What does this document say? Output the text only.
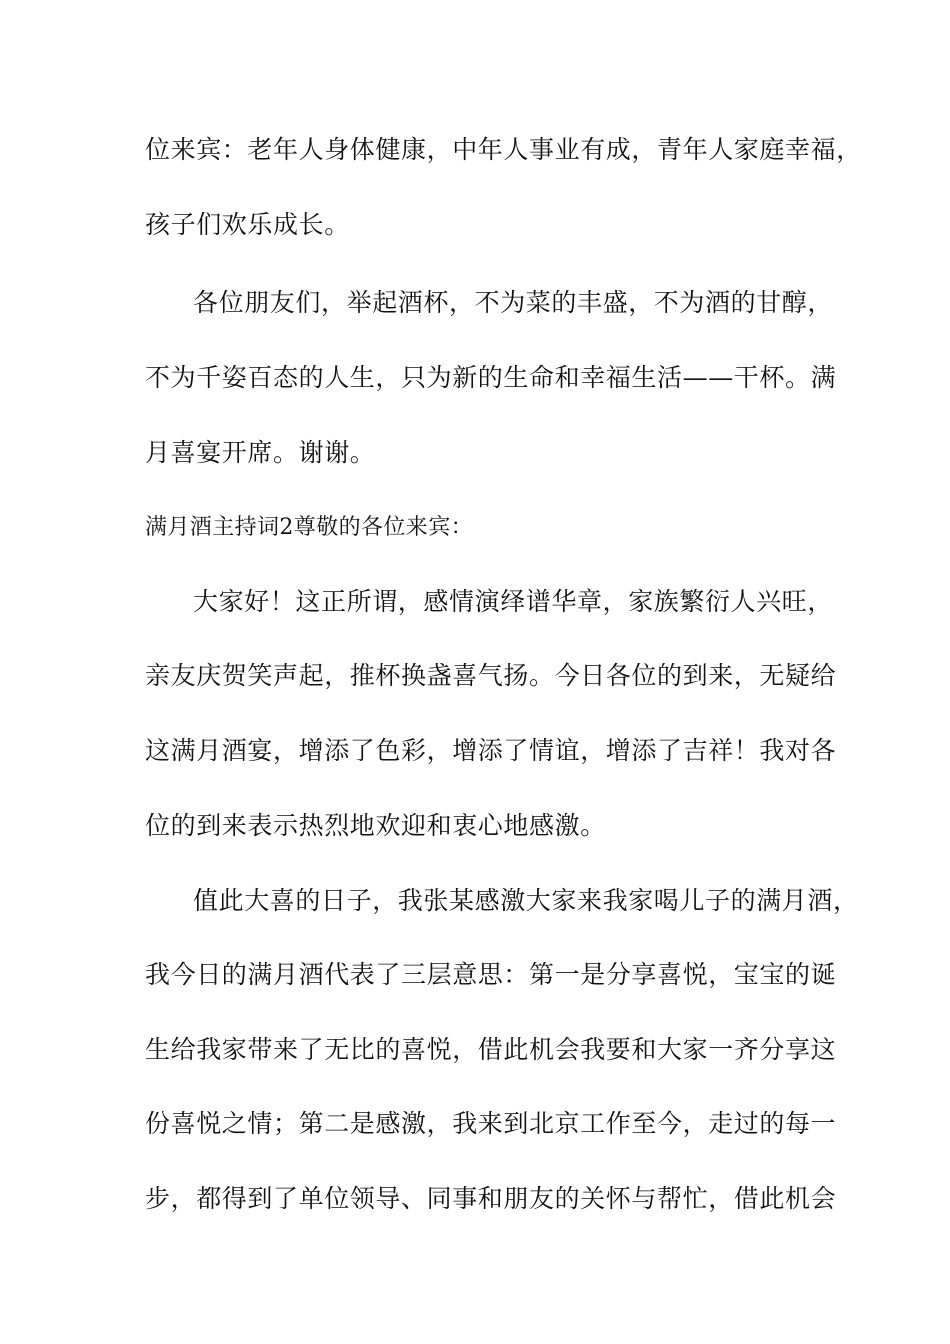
位来宾：老年人身体健康，中年人事业有成，青年人家庭幸福，
孩子们欢乐成长。
各位朋友们，举起酒杯，不为菜的丰盛，不为酒的甘醇，
不为千姿百态的人生，只为新的生命和幸福生活——干杯。满
月喜宴开席。谢谢。
满月酒主持词2尊敬的各位来宾：
大家好！这正所谓，感情演绎谱华章，家族繁衍人兴旺，
亲友庆贺笑声起，推杯换盏喜气扬。今日各位的到来，无疑给
这满月酒宴，增添了色彩，增添了情谊，增添了吉祥！我对各
位的到来表示热烈地欢迎和衷心地感激。
值此大喜的日子，我张某感激大家来我家喝儿子的满月酒，
我今日的满月酒代表了三层意思：第一是分享喜悦，宝宝的诞
生给我家带来了无比的喜悦，借此机会我要和大家一齐分享这
份喜悦之情；第二是感激，我来到北京工作至今，走过的每一
步，都得到了单位领导、同事和朋友的关怀与帮忙，借此机会
